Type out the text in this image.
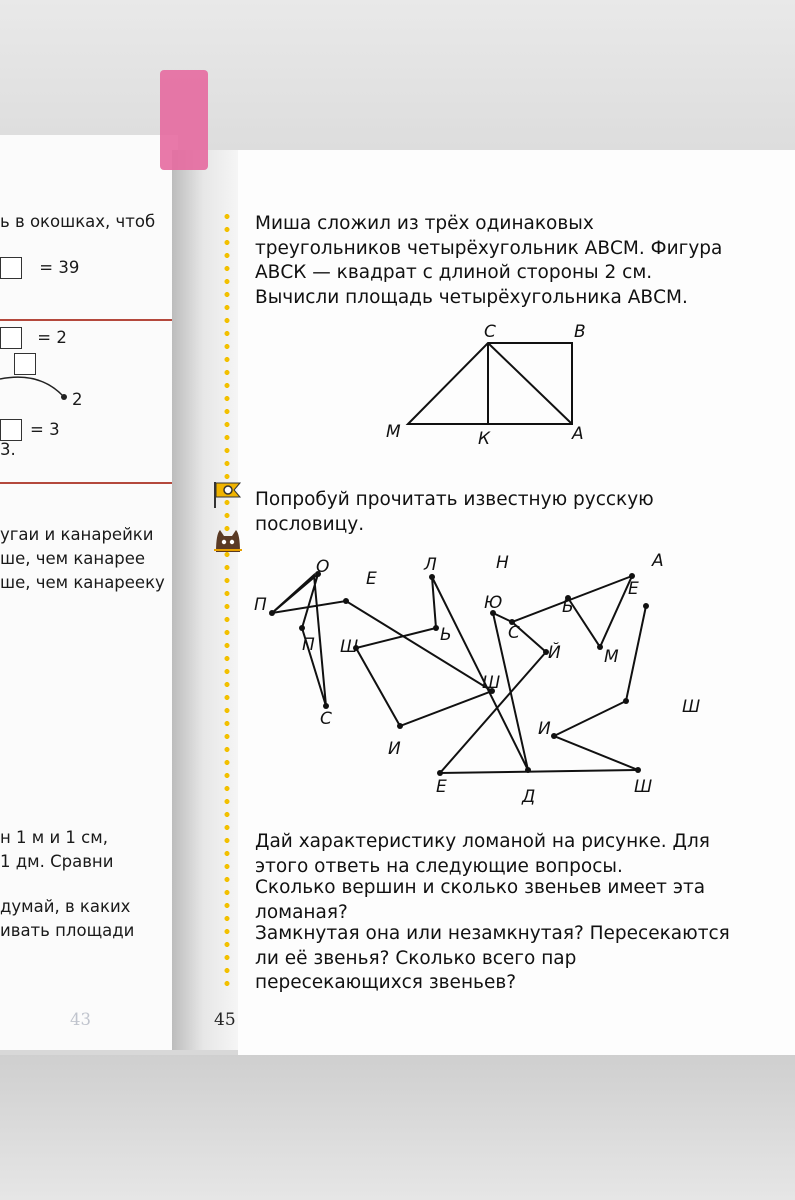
ь в окошках, чтоб
= 39
= 2
2
= 3
3.
угаи и канарейки
ше, чем канарее
ше, чем канарееку
н 1 м и 1 см,
1 дм. Сравни
думай, в каких
ивать площади
43
Миша сложил из трёх одинаковых треугольников четырёхугольник АВСМ. Фигура АВСК — квадрат с длиной стороны 2 см. Вычисли площадь четырёхугольника АВСМ.
С	В
М	К	А
Попробуй прочитать известную русскую пословицу.
П
О
П
С
Е
Ш
И
Л
Ь
Ш
Ю
Н
С
Й
Е	Д
А
Е
Ь
М
И
Ш
Ш
Дай характеристику ломаной на рисунке. Для этого ответь на следующие вопросы.
Сколько вершин и сколько звеньев имеет эта ломаная?
Замкнутая она или незамкнутая? Пересекаются ли её звенья? Сколько всего пар пересекающихся звеньев?
45
